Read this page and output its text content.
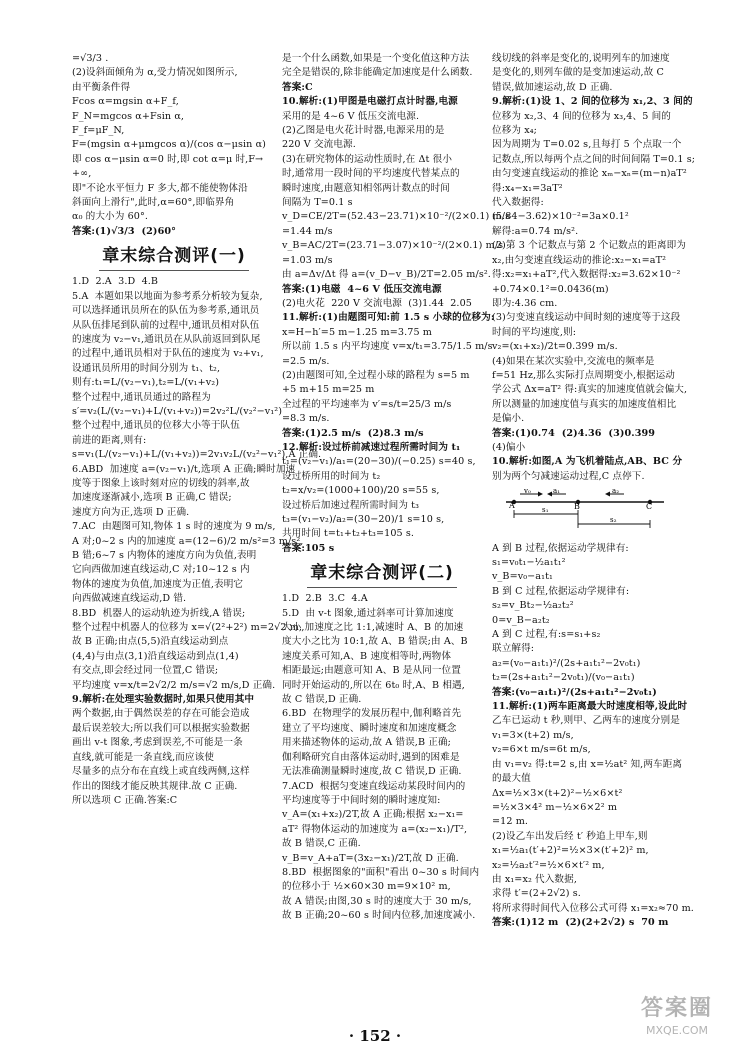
=√3/3 .
(2)设斜面倾角为 α,受力情况如图所示,
由平衡条件得
Fcos α=mgsin α+F_f,
F_N=mgcos α+Fsin α,
F_f=μF_N,
F=(mgsin α+μmgcos α)/(cos α−μsin α)
即 cos α−μsin α=0 时,即 cot α=μ 时,F→
+∞,
即"不论水平恒力 F 多大,都不能使物体沿
斜面向上滑行",此时,α=60°,即临界角
α₀ 的大小为 60°.
答案:(1)√3/3  (2)60°
章末综合测评(一)
1.D  2.A  3.D  4.B
5.A  本题如果以地面为参考系分析较为复杂,
可以选择通讯员所在的队伍为参考系,通讯员
从队伍排尾到队前的过程中,通讯员相对队伍
的速度为 v₂−v₁,通讯员在从队前返回到队尾
的过程中,通讯员相对于队伍的速度为 v₂+v₁,
设通讯员所用的时间分别为 t₁、t₂,
则有:t₁=L/(v₂−v₁),t₂=L/(v₁+v₂)
整个过程中,通讯员通过的路程为
s′=v₂(L/(v₂−v₁)+L/(v₁+v₂))=2v₂²L/(v₂²−v₁²)
整个过程中,通讯员的位移大小等于队伍
前进的距离,则有:
s=v₁(L/(v₂−v₁)+L/(v₁+v₂))=2v₁v₂L/(v₂²−v₁²),A 正确.
6.ABD  加速度 a=(v₂−v₁)/t,选项 A 正确;瞬时加速
度等于图象上该时刻对应的切线的斜率,故
加速度逐渐减小,选项 B 正确,C 错误;
速度方向为正,选项 D 正确.
7.AC  由题图可知,物体 1 s 时的速度为 9 m/s,
A 对;0~2 s 内的加速度 a=(12−6)/2 m/s²=3 m/s²,
B 错;6~7 s 内物体的速度方向为负值,表明
它向西做加速直线运动,C 对;10~12 s 内
物体的速度为负值,加速度为正值,表明它
向西做减速直线运动,D 错.
8.BD  机器人的运动轨迹为折线,A 错误;
整个过程中机器人的位移为 x=√(2²+2²) m=2√2 m,
故 B 正确;由点(5,5)沿直线运动到点
(4,4)与由点(3,1)沿直线运动到点(1,4)
有交点,即会经过同一位置,C 错误;
平均速度 v=x/t=2√2/2 m/s=√2 m/s,D 正确.
9.解析:在处理实验数据时,如果只使用其中
两个数据,由于偶然误差的存在可能会造成
最后误差较大;所以我们可以根据实验数据
画出 v-t 图象,考虑到误差,不可能是一条
直线,就可能是一条直线,而应该使
尽量多的点分布在直线上或直线两侧,这样
作出的图线才能反映其规律.故 C 正确.
所以选项 C 正确.答案:C
是一个什么函数,如果是一个变化值这种方法
完全是错误的,除非能确定加速度是什么函数.
答案:C
10.解析:(1)甲图是电磁打点计时器,电源
采用的是 4~6 V 低压交流电源.
(2)乙图是电火花计时器,电源采用的是
220 V 交流电源.
(3)在研究物体的运动性质时,在 Δt 很小
时,通常用一段时间的平均速度代替某点的
瞬时速度,由题意知相邻两计数点的时间
间隔为 T=0.1 s
v_D=CE/2T=(52.43−23.71)×10⁻²/(2×0.1) m/s
=1.44 m/s
v_B=AC/2T=(23.71−3.07)×10⁻²/(2×0.1) m/s
=1.03 m/s
由 a=Δv/Δt 得 a=(v_D−v_B)/2T=2.05 m/s².
答案:(1)电磁  4~6 V 低压交流电源
(2)电火花  220 V 交流电源  (3)1.44  2.05
11.解析:(1)由题图可知:前 1.5 s 小球的位移为:
x=H−h′=5 m−1.25 m=3.75 m
所以前 1.5 s 内平均速度 v=x/t₁=3.75/1.5 m/s
=2.5 m/s.
(2)由题图可知,全过程小球的路程为 s=5 m
+5 m+15 m=25 m
全过程的平均速率为 v′=s/t=25/3 m/s
=8.3 m/s.
答案:(1)2.5 m/s  (2)8.3 m/s
12.解析:设过桥前减速过程所需时间为 t₁
t₁=(v₂−v₁)/a₁=(20−30)/(−0.25) s=40 s,
设过桥所用的时间为 t₂
t₂=x/v₂=(1000+100)/20 s=55 s,
设过桥后加速过程所需时间为 t₃
t₃=(v₁−v₂)/a₂=(30−20)/1 s=10 s,
共用时间 t=t₁+t₂+t₃=105 s.
答案:105 s
章末综合测评(二)
1.D  2.B  3.C  4.A
5.D  由 v-t 图象,通过斜率可计算加速度
大小,加速度之比 1:1,减速时 A、B 的加速
度大小之比为 10:1,故 A、B 错误;由 A、B
速度关系可知,A、B 速度相等时,两物体
相距最远;由题意可知 A、B 是从同一位置
同时开始运动的,所以在 6t₀ 时,A、B 相遇,
故 C 错误,D 正确.
6.BD  在物理学的发展历程中,伽利略首先
建立了平均速度、瞬时速度和加速度概念
用来描述物体的运动,故 A 错误,B 正确;
伽利略研究自由落体运动时,遇到的困难是
无法准确测量瞬时速度,故 C 错误,D 正确.
7.ACD  根据匀变速直线运动某段时间内的
平均速度等于中间时刻的瞬时速度知:
v_A=(x₁+x₂)/2T,故 A 正确;根据 x₂−x₁=
aT² 得物体运动的加速度为 a=(x₂−x₁)/T²,
故 B 错误,C 正确.
v_B=v_A+aT=(3x₂−x₁)/2T,故 D 正确.
8.BD  根据图象的"面积"看出 0~30 s 时间内
的位移小于 ½×60×30 m=9×10² m,
故 A 错误;由图,30 s 时的速度大于 30 m/s,
故 B 正确;20~60 s 时间内位移,加速度减小.
线切线的斜率是变化的,说明列车的加速度
是变化的,则列车做的是变加速运动,故 C
错误,做加速运动,故 D 正确.
9.解析:(1)设 1、2 间的位移为 x₁,2、3 间的
位移为 x₂,3、4 间的位移为 x₃,4、5 间的
位移为 x₄;
因为周期为 T=0.02 s,且每打 5 个点取一个
记数点,所以每两个点之间的时间间隔 T=0.1 s;
由匀变速直线运动的推论 xₘ−xₙ=(m−n)aT²
得:x₄−x₁=3aT²
代入数据得:
(5.84−3.62)×10⁻²=3a×0.1²
解得:a=0.74 m/s².
(2)第 3 个记数点与第 2 个记数点的距离即为
x₂,由匀变速直线运动的推论:x₂−x₁=aT²
得:x₂=x₁+aT²,代入数据得:x₂=3.62×10⁻²
+0.74×0.1²=0.0436(m)
即为:4.36 cm.
(3)匀变速直线运动中间时刻的速度等于这段
时间的平均速度,则:
v₂=(x₁+x₂)/2t=0.399 m/s.
(4)如果在某次实验中,交流电的频率是
f=51 Hz,那么实际打点周期变小,根据运动
学公式 Δx=aT² 得:真实的加速度值就会偏大,
所以测量的加速度值与真实的加速度值相比
是偏小.
答案:(1)0.74  (2)4.36  (3)0.399
(4)偏小
10.解析:如图,A 为飞机着陆点,AB、BC 分
别为两个匀减速运动过程,C 点停下.
A	B	C
v₀	a₁	a₂
s₁
s₂
A 到 B 过程,依据运动学规律有:
s₁=v₀t₁−½a₁t₁²
v_B=v₀−a₁t₁
B 到 C 过程,依据运动学规律有:
s₂=v_Bt₂−½a₂t₂²
0=v_B−a₂t₂
A 到 C 过程,有:s=s₁+s₂
联立解得:
a₂=(v₀−a₁t₁)²/(2s+a₁t₁²−2v₀t₁)
t₂=(2s+a₁t₁²−2v₀t₁)/(v₀−a₁t₁)
答案:(v₀−a₁t₁)²/(2s+a₁t₁²−2v₀t₁)
11.解析:(1)两车距离最大时速度相等,设此时
乙车已运动 t 秒,则甲、乙两车的速度分别是
v₁=3×(t+2) m/s,
v₂=6×t m/s=6t m/s,
由 v₁=v₂ 得:t=2 s,由 x=½at² 知,两车距离
的最大值
Δx=½×3×(t+2)²−½×6×t²
=½×3×4² m−½×6×2² m
=12 m.
(2)设乙车出发后经 t′ 秒追上甲车,则
x₁=½a₁(t′+2)²=½×3×(t′+2)² m,
x₂=½a₂t′²=½×6×t′² m,
由 x₁=x₂ 代入数据,
求得 t′=(2+2√2) s.
将所求得时间代入位移公式可得 x₁=x₂≈70 m.
答案:(1)12 m  (2)(2+2√2) s  70 m
· 152 ·
答案圈
MXQE.COM
